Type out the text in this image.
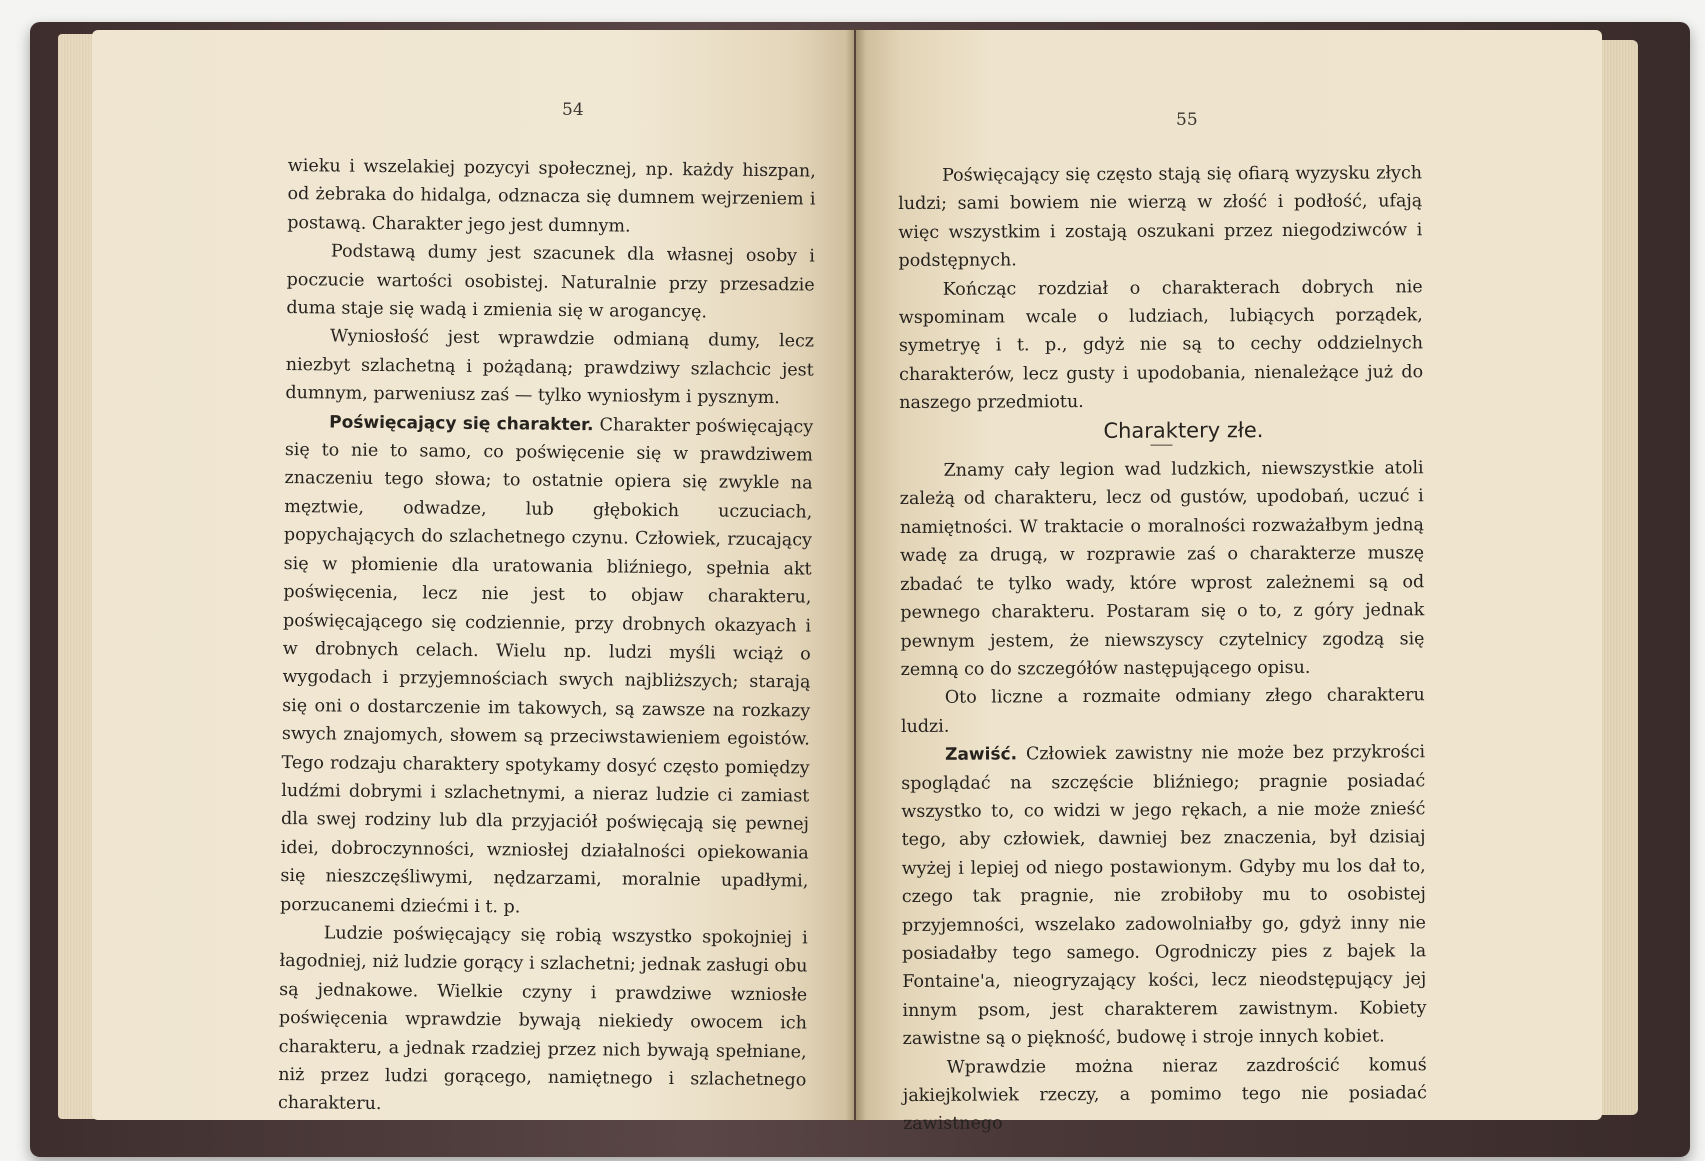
54

wieku i wszelakiej pozycyi społecznej, np. każdy hiszpan, od żebraka do hidalga, odznacza się dumnem wejrzeniem i postawą. Charakter jego jest dumnym.

Podstawą dumy jest szacunek dla własnej osoby i poczucie wartości osobistej. Naturalnie przy przesadzie duma staje się wadą i zmienia się w arogancyę.

Wyniosłość jest wprawdzie odmianą dumy, lecz niezbyt szlachetną i pożądaną; prawdziwy szlachcic jest dumnym, parweniusz zaś — tylko wyniosłym i pysznym.

Poświęcający się charakter. Charakter poświęcający się to nie to samo, co poświęcenie się w prawdziwem znaczeniu tego słowa; to ostatnie opiera się zwykle na męztwie, odwadze, lub głębokich uczuciach, popychających do szlachetnego czynu. Człowiek, rzucający się w płomienie dla uratowania bliźniego, spełnia akt poświęcenia, lecz nie jest to objaw charakteru, poświęcającego się codziennie, przy drobnych okazyach i w drobnych celach. Wielu np. ludzi myśli wciąż o wygodach i przyjemnościach swych najbliższych; starają się oni o dostarczenie im takowych, są zawsze na rozkazy swych znajomych, słowem są przeciwstawieniem egoistów. Tego rodzaju charaktery spotykamy dosyć często pomiędzy ludźmi dobrymi i szlachetnymi, a nieraz ludzie ci zamiast dla swej rodziny lub dla przyjaciół poświęcają się pewnej idei, dobroczynności, wzniosłej działalności opiekowania się nieszczęśliwymi, nędzarzami, moralnie upadłymi, porzucanemi dziećmi i t. p.

Ludzie poświęcający się robią wszystko spokojniej i łagodniej, niż ludzie gorący i szlachetni; jednak zasługi obu są jednakowe. Wielkie czyny i prawdziwe wzniosłe poświęcenia wprawdzie bywają niekiedy owocem ich charakteru, a jednak rzadziej przez nich bywają spełniane, niż przez ludzi gorącego, namiętnego i szlachetnego charakteru.

55

Poświęcający się często stają się ofiarą wyzysku złych ludzi; sami bowiem nie wierzą w złość i podłość, ufają więc wszystkim i zostają oszukani przez niegodziwców i podstępnych.

Kończąc rozdział o charakterach dobrych nie wspominam wcale o ludziach, lubiących porządek, symetryę i t. p., gdyż nie są to cechy oddzielnych charakterów, lecz gusty i upodobania, nienależące już do naszego przedmiotu.

Charaktery złe.

Znamy cały legion wad ludzkich, niewszystkie atoli zależą od charakteru, lecz od gustów, upodobań, uczuć i namiętności. W traktacie o moralności rozważałbym jedną wadę za drugą, w rozprawie zaś o charakterze muszę zbadać te tylko wady, które wprost zależnemi są od pewnego charakteru. Postaram się o to, z góry jednak pewnym jestem, że niewszyscy czytelnicy zgodzą się zemną co do szczegółów następującego opisu.

Oto liczne a rozmaite odmiany złego charakteru ludzi.

Zawiść. Człowiek zawistny nie może bez przykrości spoglądać na szczęście bliźniego; pragnie posiadać wszystko to, co widzi w jego rękach, a nie może znieść tego, aby człowiek, dawniej bez znaczenia, był dzisiaj wyżej i lepiej od niego postawionym. Gdyby mu los dał to, czego tak pragnie, nie zrobiłoby mu to osobistej przyjemności, wszelako zadowolniałby go, gdyż inny nie posiadałby tego samego. Ogrodniczy pies z bajek la Fontaine'a, nieogryzający kości, lecz nieodstępujący jej innym psom, jest charakterem zawistnym. Kobiety zawistne są o piękność, budowę i stroje innych kobiet.

Wprawdzie można nieraz zazdrościć komuś jakiejkolwiek rzeczy, a pomimo tego nie posiadać zawistnego
